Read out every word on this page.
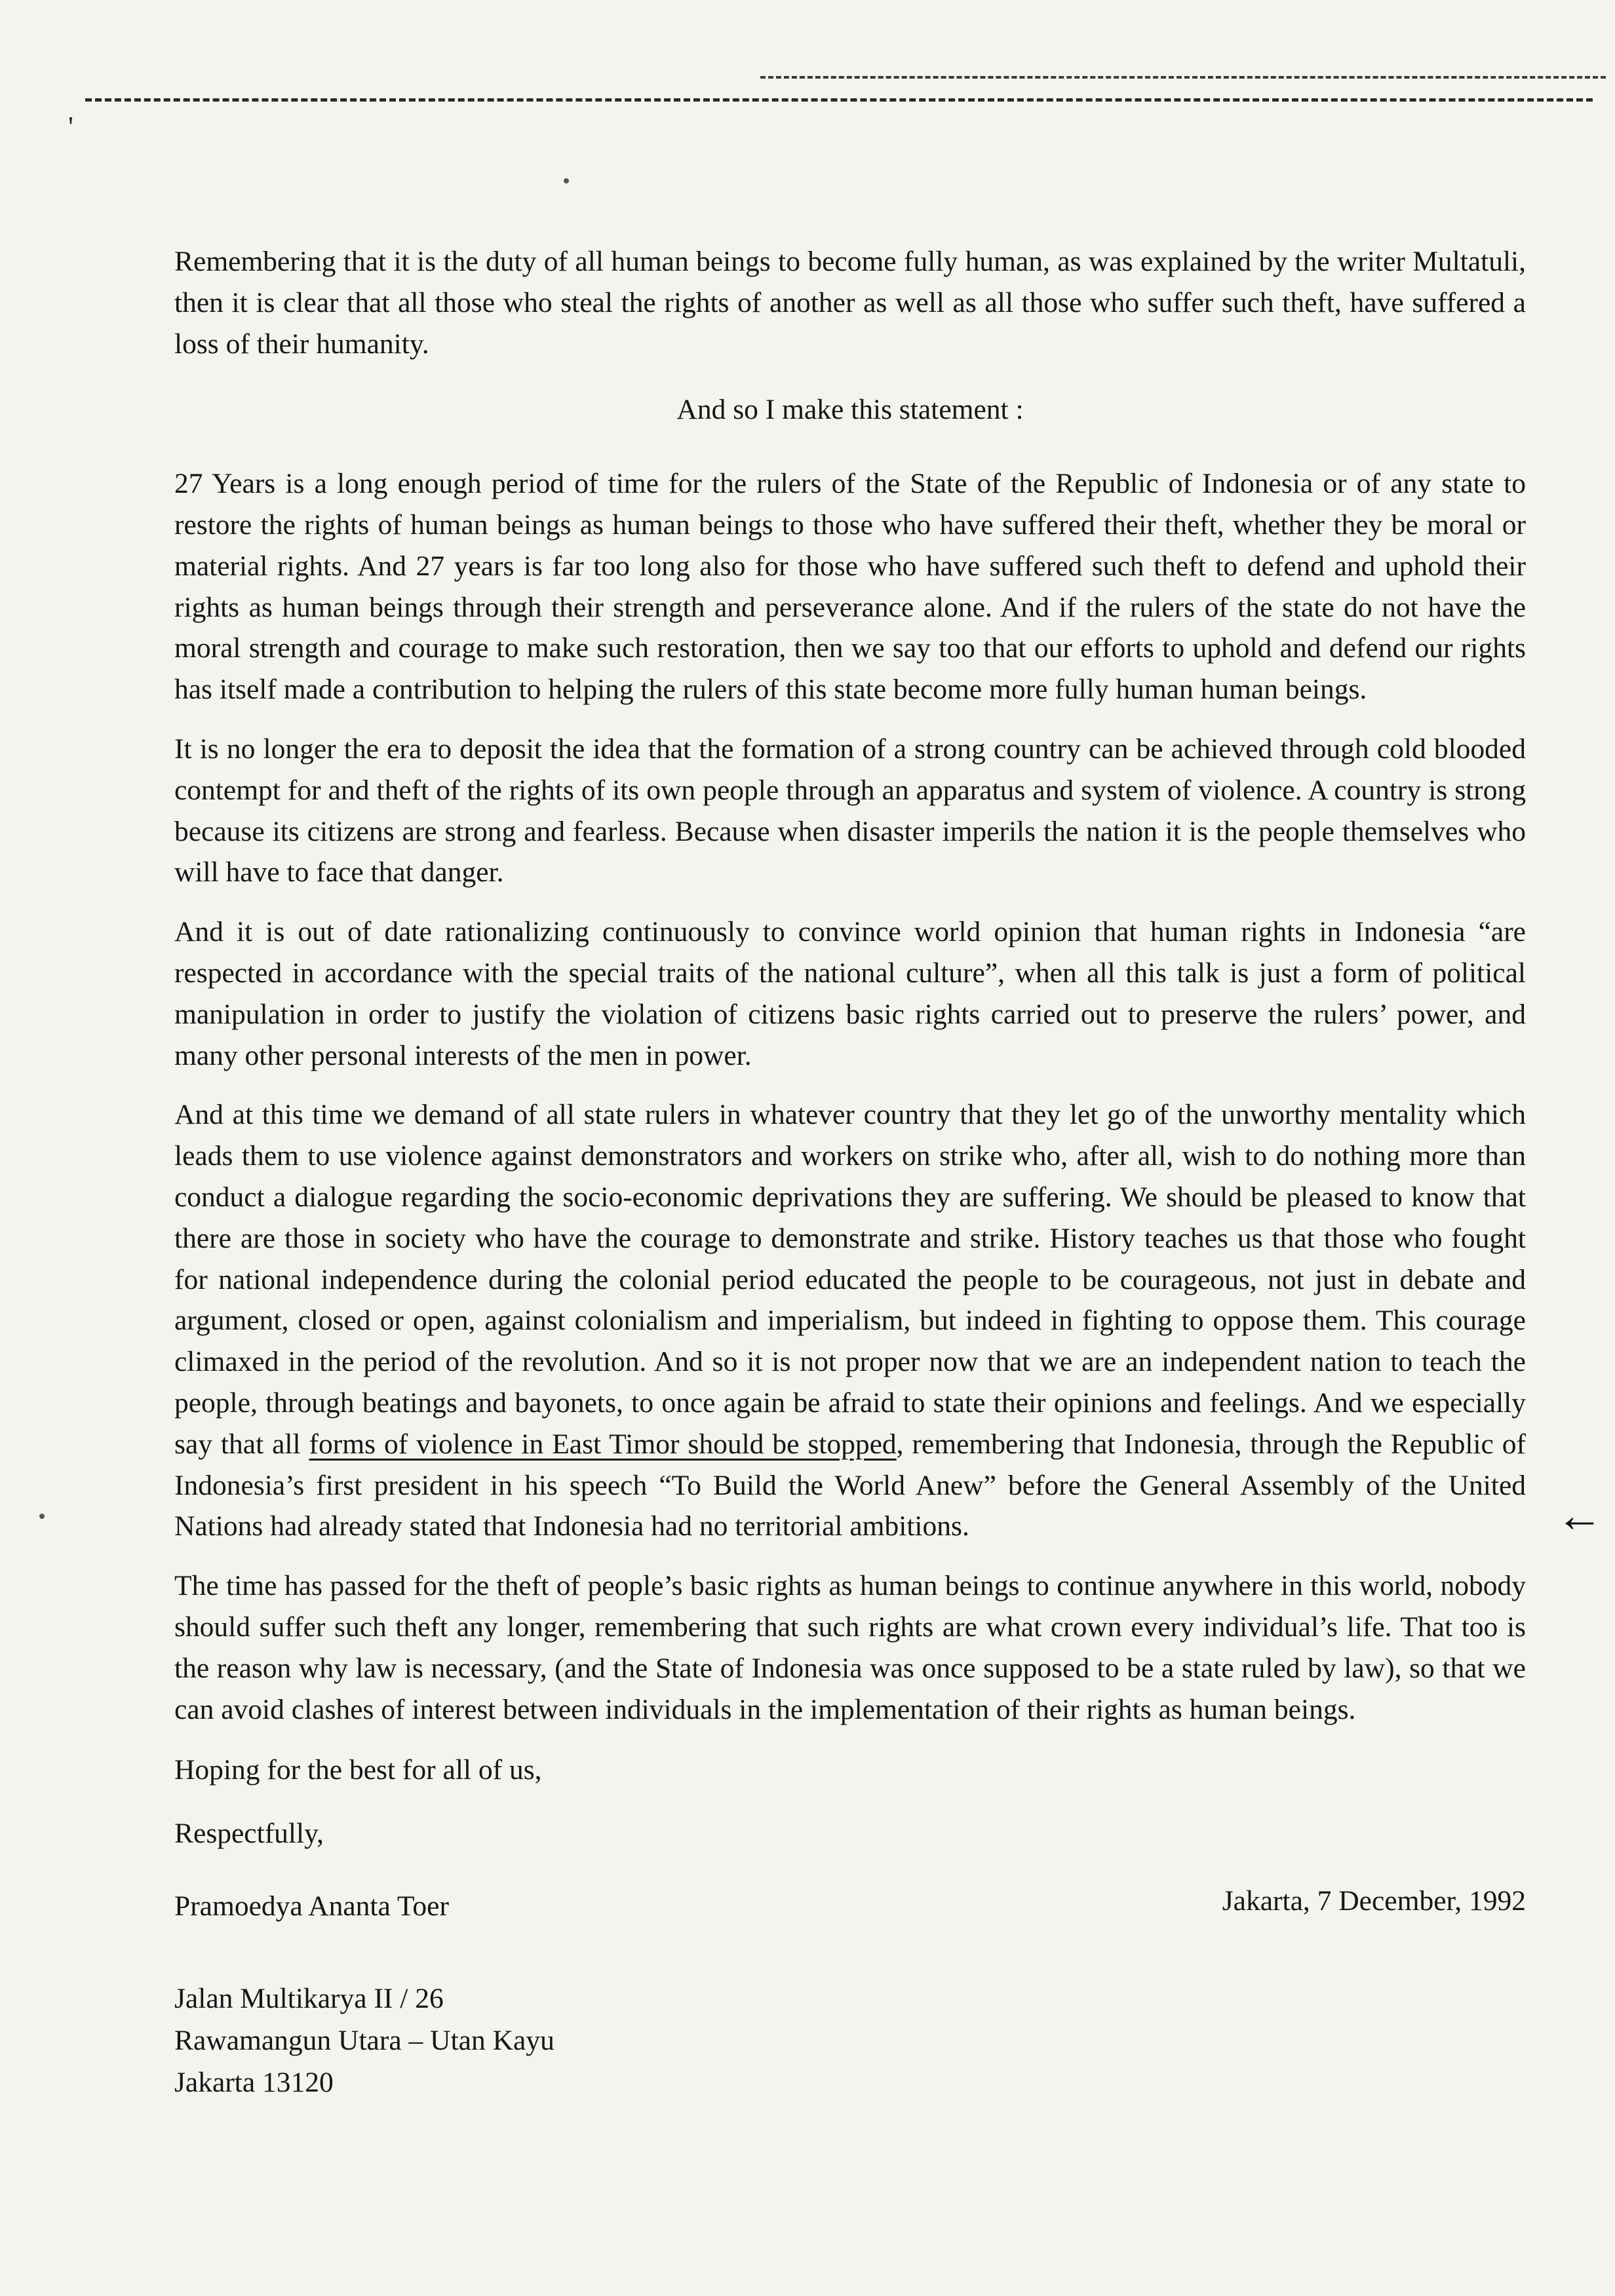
'

Remembering that it is the duty of all human beings to become fully human, as was explained by the writer Multatuli, then it is clear that all those who steal the rights of another as well as all those who suffer such theft, have suffered a loss of their humanity.

And so I make this statement :

27 Years is a long enough period of time for the rulers of the State of the Republic of Indonesia or of any state to restore the rights of human beings as human beings to those who have suffered their theft, whether they be moral or material rights. And 27 years is far too long also for those who have suffered such theft to defend and uphold their rights as human beings through their strength and perseverance alone. And if the rulers of the state do not have the moral strength and courage to make such restoration, then we say too that our efforts to uphold and defend our rights has itself made a contribution to helping the rulers of this state become more fully human human beings.

It is no longer the era to deposit the idea that the formation of a strong country can be achieved through cold blooded contempt for and theft of the rights of its own people through an apparatus and system of violence. A country is strong because its citizens are strong and fearless. Because when disaster imperils the nation it is the people themselves who will have to face that danger.

And it is out of date rationalizing continuously to convince world opinion that human rights in Indonesia “are respected in accordance with the special traits of the national culture”, when all this talk is just a form of political manipulation in order to justify the violation of citizens basic rights carried out to preserve the rulers’ power, and many other personal interests of the men in power.

And at this time we demand of all state rulers in whatever country that they let go of the unworthy mentality which leads them to use violence against demonstrators and workers on strike who, after all, wish to do nothing more than conduct a dialogue regarding the socio-economic deprivations they are suffering. We should be pleased to know that there are those in society who have the courage to demonstrate and strike. History teaches us that those who fought for national independence during the colonial period educated the people to be courageous, not just in debate and argument, closed or open, against colonialism and imperialism, but indeed in fighting to oppose them. This courage climaxed in the period of the revolution. And so it is not proper now that we are an independent nation to teach the people, through beatings and bayonets, to once again be afraid to state their opinions and feelings. And we especially say that all forms of violence in East Timor should be stopped, remembering that Indonesia, through the Republic of Indonesia’s first president in his speech “To Build the World Anew” before the General Assembly of the United Nations had already stated that Indonesia had no territorial ambitions.

The time has passed for the theft of people’s basic rights as human beings to continue anywhere in this world, nobody should suffer such theft any longer, remembering that such rights are what crown every individual’s life. That too is the reason why law is necessary, (and the State of Indonesia was once supposed to be a state ruled by law), so that we can avoid clashes of interest between individuals in the implementation of their rights as human beings.

Hoping for the best for all of us,

Respectfully,

Pramoedya Ananta Toer	Jakarta, 7 December, 1992
Jalan Multikarya II / 26
Rawamangun Utara – Utan Kayu
Jakarta 13120
←
